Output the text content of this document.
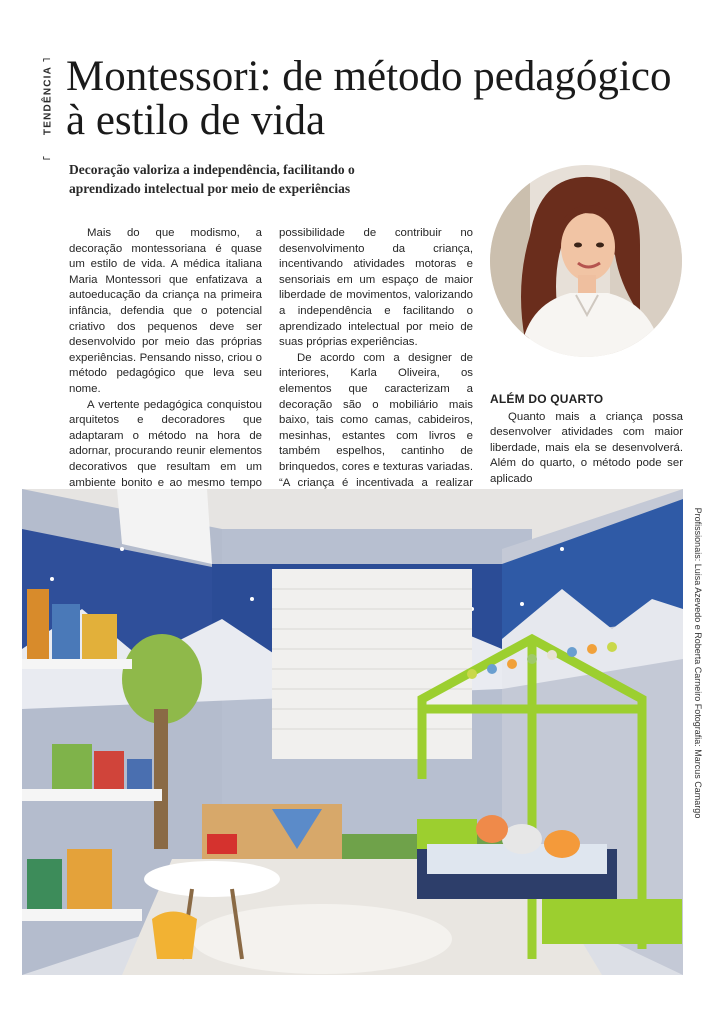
⌐
TENDÊNCIA
⌙
Montessori: de método pedagógico à estilo de vida
Decoração valoriza a independência, facilitando o aprendizado intelectual por meio de experiências

Mais do que modismo, a decoração montessoriana é quase um estilo de vida. A médica italiana Maria Montessori que enfatizava a autoeducação da criança na primeira infância, defendia que o potencial criativo dos pequenos deve ser desenvolvido por meio das próprias experiências. Pensando nisso, criou o método pedagógico que leva seu nome.

A vertente pedagógica conquistou arquitetos e decoradores que adaptaram o método na hora de adornar, procurando reunir elementos decorativos que resultam em um ambiente bonito e ao mesmo tempo

possibilidade de contribuir no desenvolvimento da criança, incentivando atividades motoras e sensoriais em um espaço de maior liberdade de movimentos, valorizando a independência e facilitando o aprendizado intelectual por meio de suas próprias experiências.

De acordo com a designer de interiores, Karla Oliveira, os elementos que caracterizam a decoração são o mobiliário mais baixo, tais como camas, cabideiros, mesinhas, estantes com livros e também espelhos, cantinho de brinquedos, cores e texturas variadas. “A criança é incentivada a realizar

ALÉM DO QUARTO

Quanto mais a criança possa desenvolver atividades com maior liberdade, mais ela se desenvolverá. Além do quarto, o método pode ser aplicado

Profissionais: Luisa Azevedo e Roberta Carneiro Fotografia: Marcus Camargo
